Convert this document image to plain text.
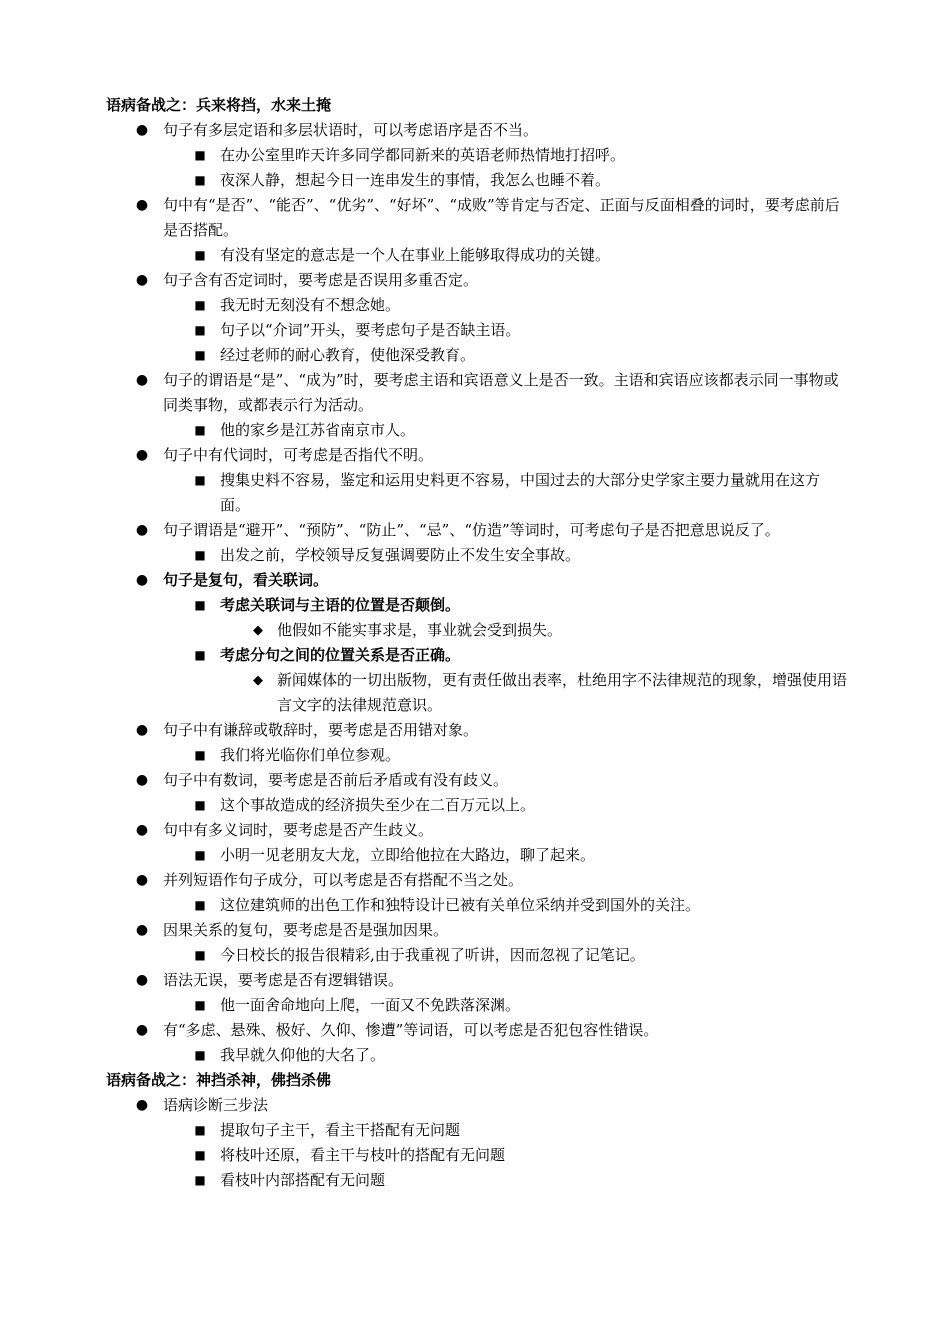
语病备战之：兵来将挡，水来土掩
● 句子有多层定语和多层状语时，可以考虑语序是否不当。
■ 在办公室里昨天许多同学都同新来的英语老师热情地打招呼。
■ 夜深人静，想起今日一连串发生的事情，我怎么也睡不着。
● 句中有“是否”、“能否”、“优劣”、“好坏”、“成败”等肯定与否定、正面与反面相叠的词时，要考虑前后是否搭配。
■ 有没有坚定的意志是一个人在事业上能够取得成功的关键。
● 句子含有否定词时，要考虑是否误用多重否定。
■ 我无时无刻没有不想念她。
■ 句子以“介词”开头，要考虑句子是否缺主语。
■ 经过老师的耐心教育，使他深受教育。
● 句子的谓语是“是”、“成为”时，要考虑主语和宾语意义上是否一致。主语和宾语应该都表示同一事物或同类事物，或都表示行为活动。
■ 他的家乡是江苏省南京市人。
● 句子中有代词时，可考虑是否指代不明。
■ 搜集史料不容易，鉴定和运用史料更不容易，中国过去的大部分史学家主要力量就用在这方面。
● 句子谓语是“避开”、“预防”、“防止”、“忌”、“仿造”等词时，可考虑句子是否把意思说反了。
■ 出发之前，学校领导反复强调要防止不发生安全事故。
● 句子是复句，看关联词。
■ 考虑关联词与主语的位置是否颠倒。
◆ 他假如不能实事求是，事业就会受到损失。
■ 考虑分句之间的位置关系是否正确。
◆ 新闻媒体的一切出版物，更有责任做出表率，杜绝用字不法律规范的现象，增强使用语言文字的法律规范意识。
● 句子中有谦辞或敬辞时，要考虑是否用错对象。
■ 我们将光临你们单位参观。
● 句子中有数词，要考虑是否前后矛盾或有没有歧义。
■ 这个事故造成的经济损失至少在二百万元以上。
● 句中有多义词时，要考虑是否产生歧义。
■ 小明一见老朋友大龙，立即给他拉在大路边，聊了起来。
● 并列短语作句子成分，可以考虑是否有搭配不当之处。
■ 这位建筑师的出色工作和独特设计已被有关单位采纳并受到国外的关注。
● 因果关系的复句，要考虑是否是强加因果。
■ 今日校长的报告很精彩,由于我重视了听讲，因而忽视了记笔记。
● 语法无误，要考虑是否有逻辑错误。
■ 他一面舍命地向上爬，一面又不免跌落深渊。
● 有“多虑、悬殊、极好、久仰、惨遭”等词语，可以考虑是否犯包容性错误。
■ 我早就久仰他的大名了。
语病备战之：神挡杀神，佛挡杀佛
● 语病诊断三步法
■ 提取句子主干，看主干搭配有无问题
■ 将枝叶还原，看主干与枝叶的搭配有无问题
■ 看枝叶内部搭配有无问题
